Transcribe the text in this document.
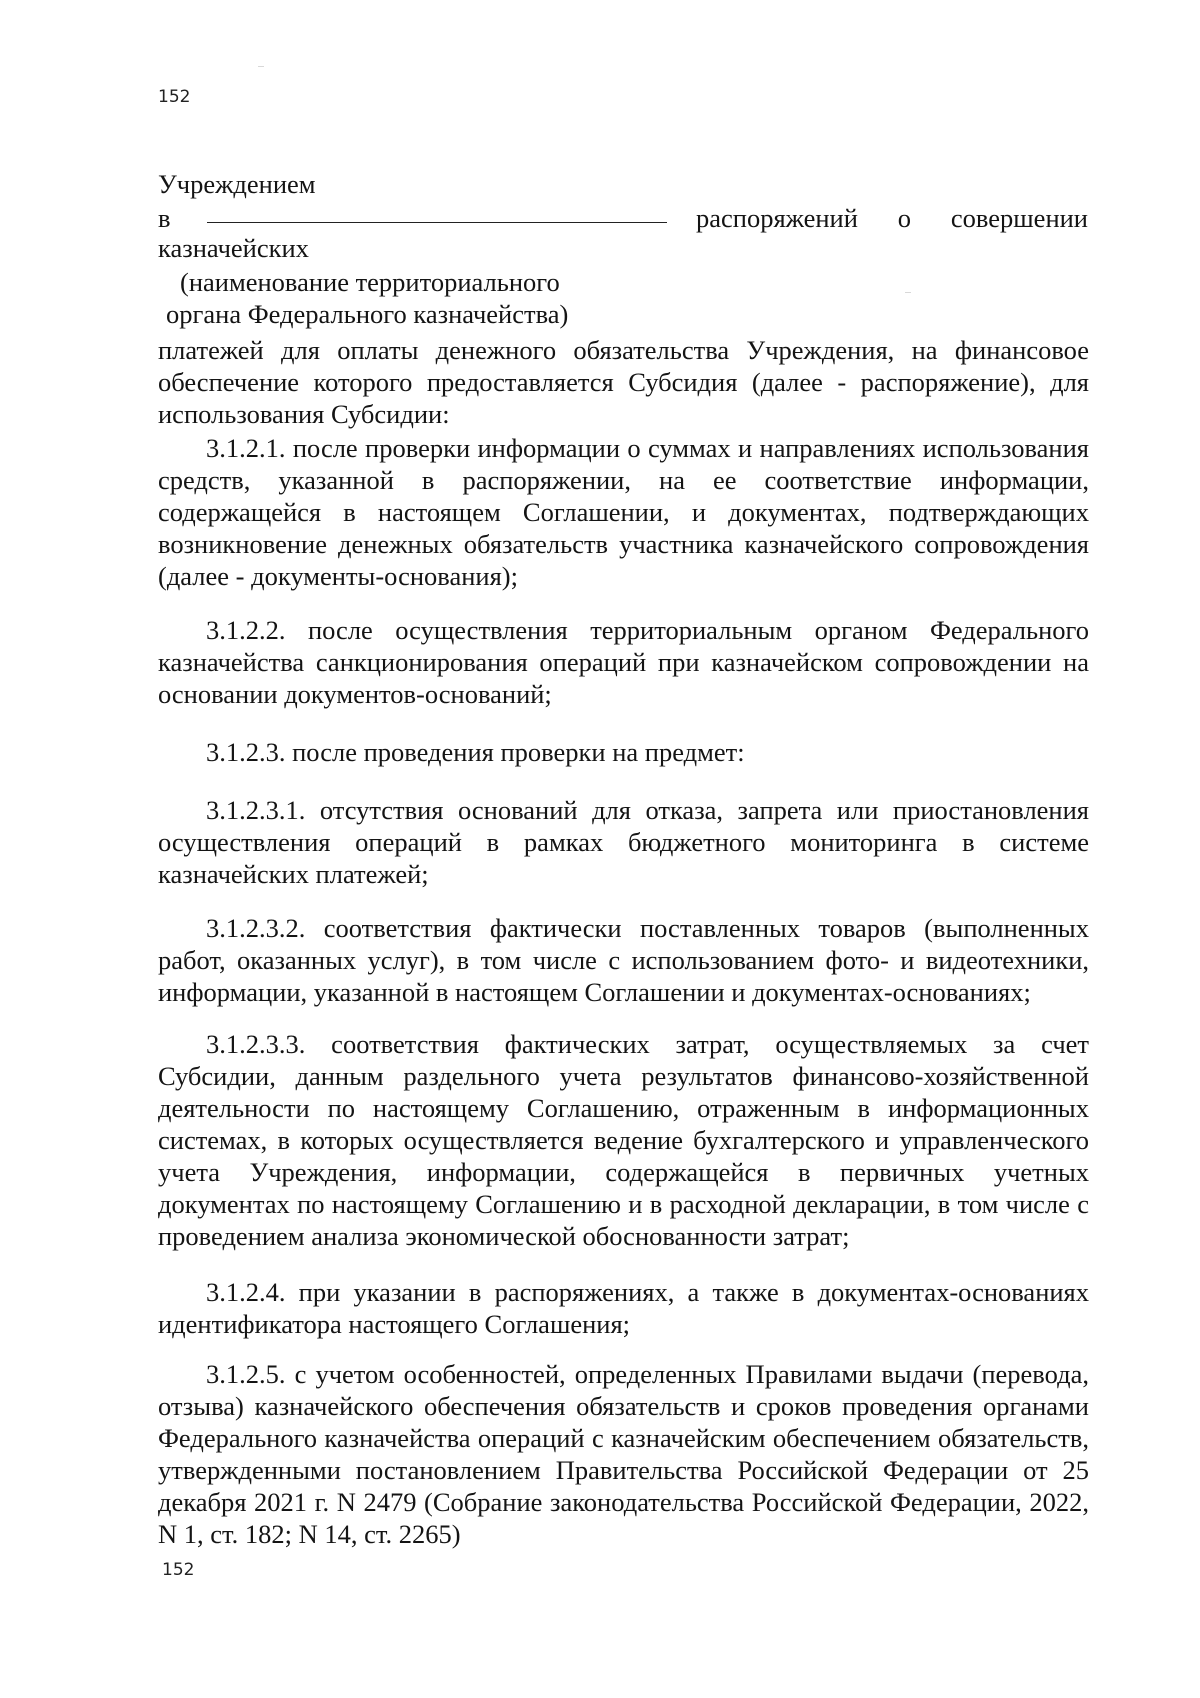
152
Учреждением
в	распоряжений о совершении
казначейских
(наименование территориального
органа Федерального казначейства)
платежей для оплаты денежного обязательства Учреждения, на финансовое обеспечение которого предоставляется Субсидия (далее - распоряжение), для использования Субсидии:
3.1.2.1. после проверки информации о суммах и направлениях использования средств, указанной в распоряжении, на ее соответствие информации, содержащейся в настоящем Соглашении, и документах, подтверждающих возникновение денежных обязательств участника казначейского сопровождения (далее - документы-основания);
3.1.2.2. после осуществления территориальным органом Федерального казначейства санкционирования операций при казначейском сопровождении на основании документов-оснований;
3.1.2.3. после проведения проверки на предмет:
3.1.2.3.1. отсутствия оснований для отказа, запрета или приостановления осуществления операций в рамках бюджетного мониторинга в системе казначейских платежей;
3.1.2.3.2. соответствия фактически поставленных товаров (выполненных работ, оказанных услуг), в том числе с использованием фото- и видеотехники, информации, указанной в настоящем Соглашении и документах-основаниях;
3.1.2.3.3. соответствия фактических затрат, осуществляемых за счет Субсидии, данным раздельного учета результатов финансово-хозяйственной деятельности по настоящему Соглашению, отраженным в информационных системах, в которых осуществляется ведение бухгалтерского и управленческого учета Учреждения, информации, содержащейся в первичных учетных документах по настоящему Соглашению и в расходной декларации, в том числе с проведением анализа экономической обоснованности затрат;
3.1.2.4. при указании в распоряжениях, а также в документах-основаниях идентификатора настоящего Соглашения;
3.1.2.5. с учетом особенностей, определенных Правилами выдачи (перевода, отзыва) казначейского обеспечения обязательств и сроков проведения органами Федерального казначейства операций с казначейским обеспечением обязательств, утвержденными постановлением Правительства Российской Федерации от 25 декабря 2021 г. N 2479 (Собрание законодательства Российской Федерации, 2022, N 1, ст. 182; N 14, ст. 2265)
152
